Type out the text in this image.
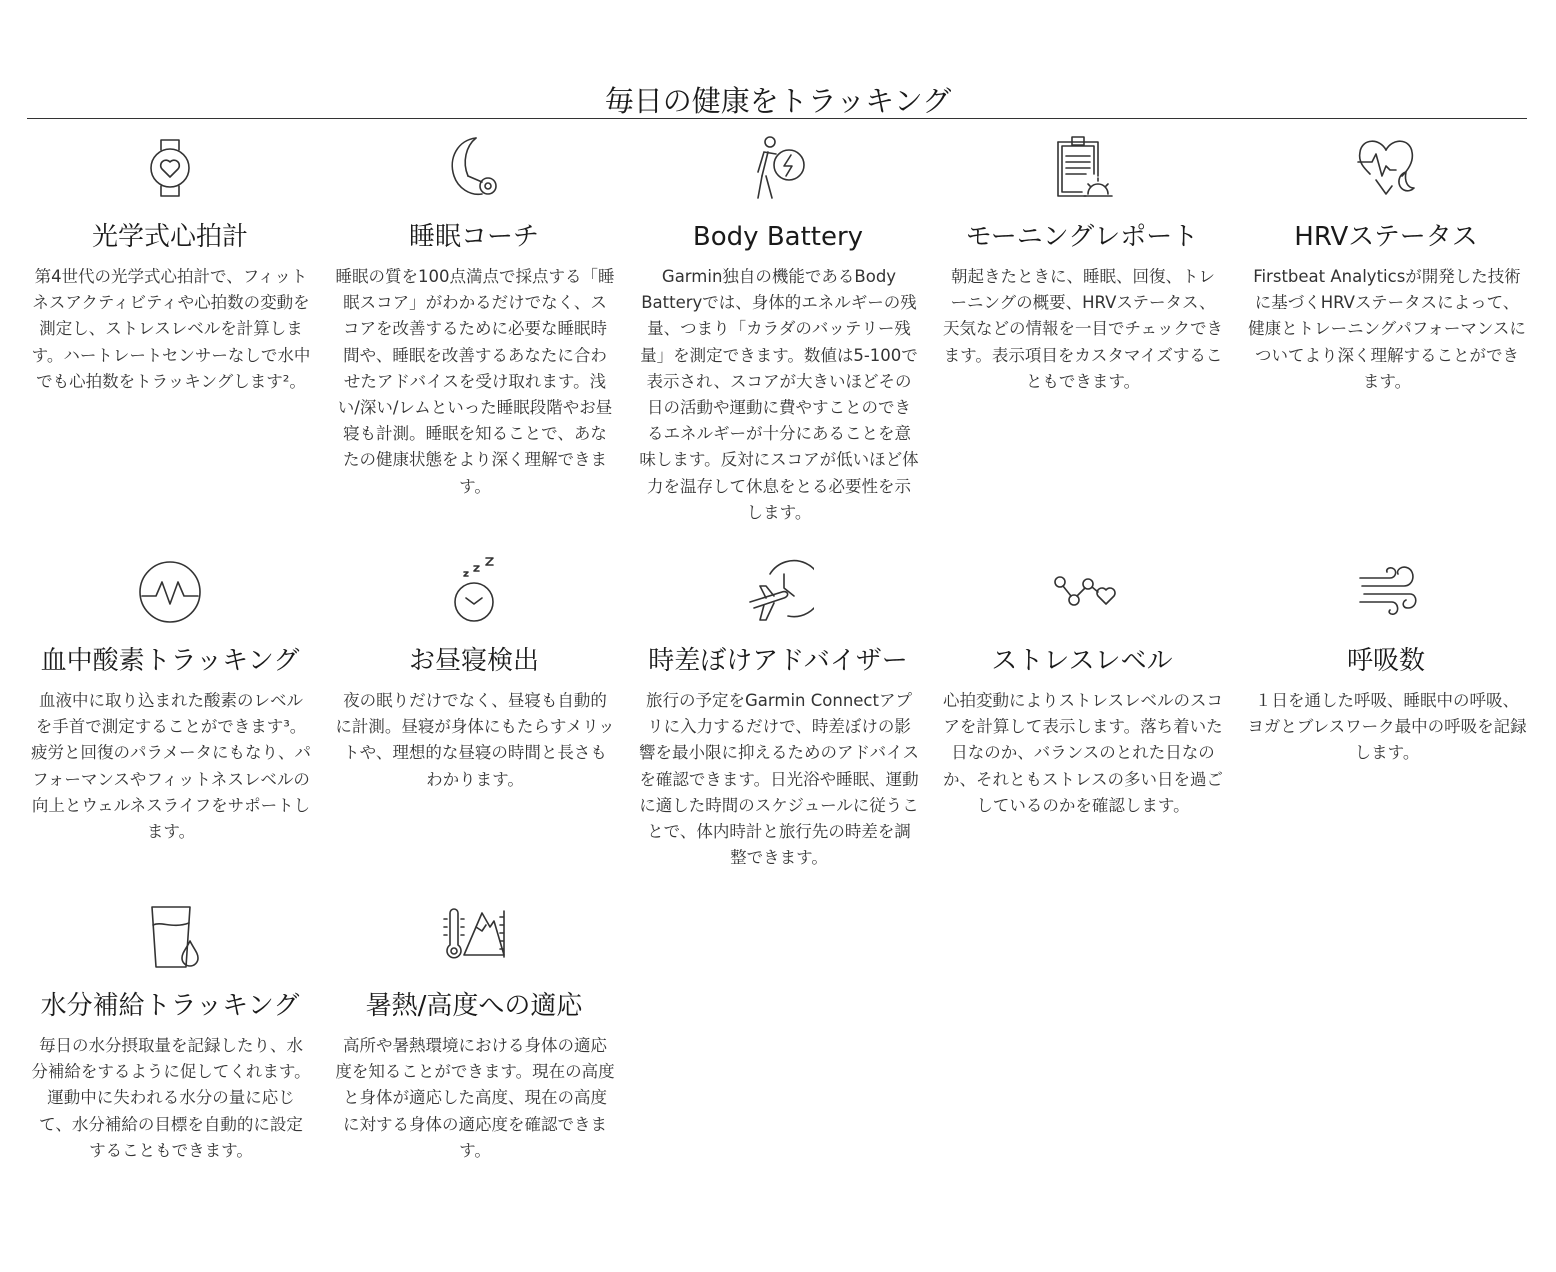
毎日の健康をトラッキング
光学式心拍計

第4世代の光学式心拍計で、フィットネスアクティビティや心拍数の変動を測定し、ストレスレベルを計算します。ハートレートセンサーなしで水中でも心拍数をトラッキングします²。

睡眠コーチ

睡眠の質を100点満点で採点する「睡眠スコア」がわかるだけでなく、スコアを改善するために必要な睡眠時間や、睡眠を改善するあなたに合わせたアドバイスを受け取れます。浅い/深い/レムといった睡眠段階やお昼寝も計測。睡眠を知ることで、あなたの健康状態をより深く理解できます。

Body Battery

Garmin独自の機能であるBody Batteryでは、身体的エネルギーの残量、つまり「カラダのバッテリー残量」を測定できます。数値は5-100で表示され、スコアが大きいほどその日の活動や運動に費やすことのできるエネルギーが十分にあることを意味します。反対にスコアが低いほど体力を温存して休息をとる必要性を示します。

モーニングレポート

朝起きたときに、睡眠、回復、トレーニングの概要、HRVステータス、天気などの情報を一目でチェックできます。表示項目をカスタマイズすることもできます。

HRVステータス

Firstbeat Analyticsが開発した技術に基づくHRVステータスによって、健康とトレーニングパフォーマンスについてより深く理解することができます。

血中酸素トラッキング

血液中に取り込まれた酸素のレベルを手首で測定することができます³。 疲労と回復のパラメータにもなり、パフォーマンスやフィットネスレベルの向上とウェルネスライフをサポートします。

お昼寝検出

夜の眠りだけでなく、昼寝も自動的に計測。昼寝が身体にもたらすメリットや、理想的な昼寝の時間と長さもわかります。

時差ぼけアドバイザー

旅行の予定をGarmin Connectアプリに入力するだけで、時差ぼけの影響を最小限に抑えるためのアドバイスを確認できます。日光浴や睡眠、運動に適した時間のスケジュールに従うことで、体内時計と旅行先の時差を調整できます。

ストレスレベル

心拍変動によりストレスレベルのスコアを計算して表示します。落ち着いた日なのか、バランスのとれた日なのか、それともストレスの多い日を過ごしているのかを確認します。

呼吸数

１日を通した呼吸、睡眠中の呼吸、ヨガとブレスワーク最中の呼吸を記録します。

水分補給トラッキング

毎日の水分摂取量を記録したり、水分補給をするように促してくれます。 運動中に失われる水分の量に応じて、水分補給の目標を自動的に設定することもできます。

暑熱/高度への適応

高所や暑熱環境における身体の適応度を知ることができます。現在の高度と身体が適応した高度、現在の高度に対する身体の適応度を確認できます。
